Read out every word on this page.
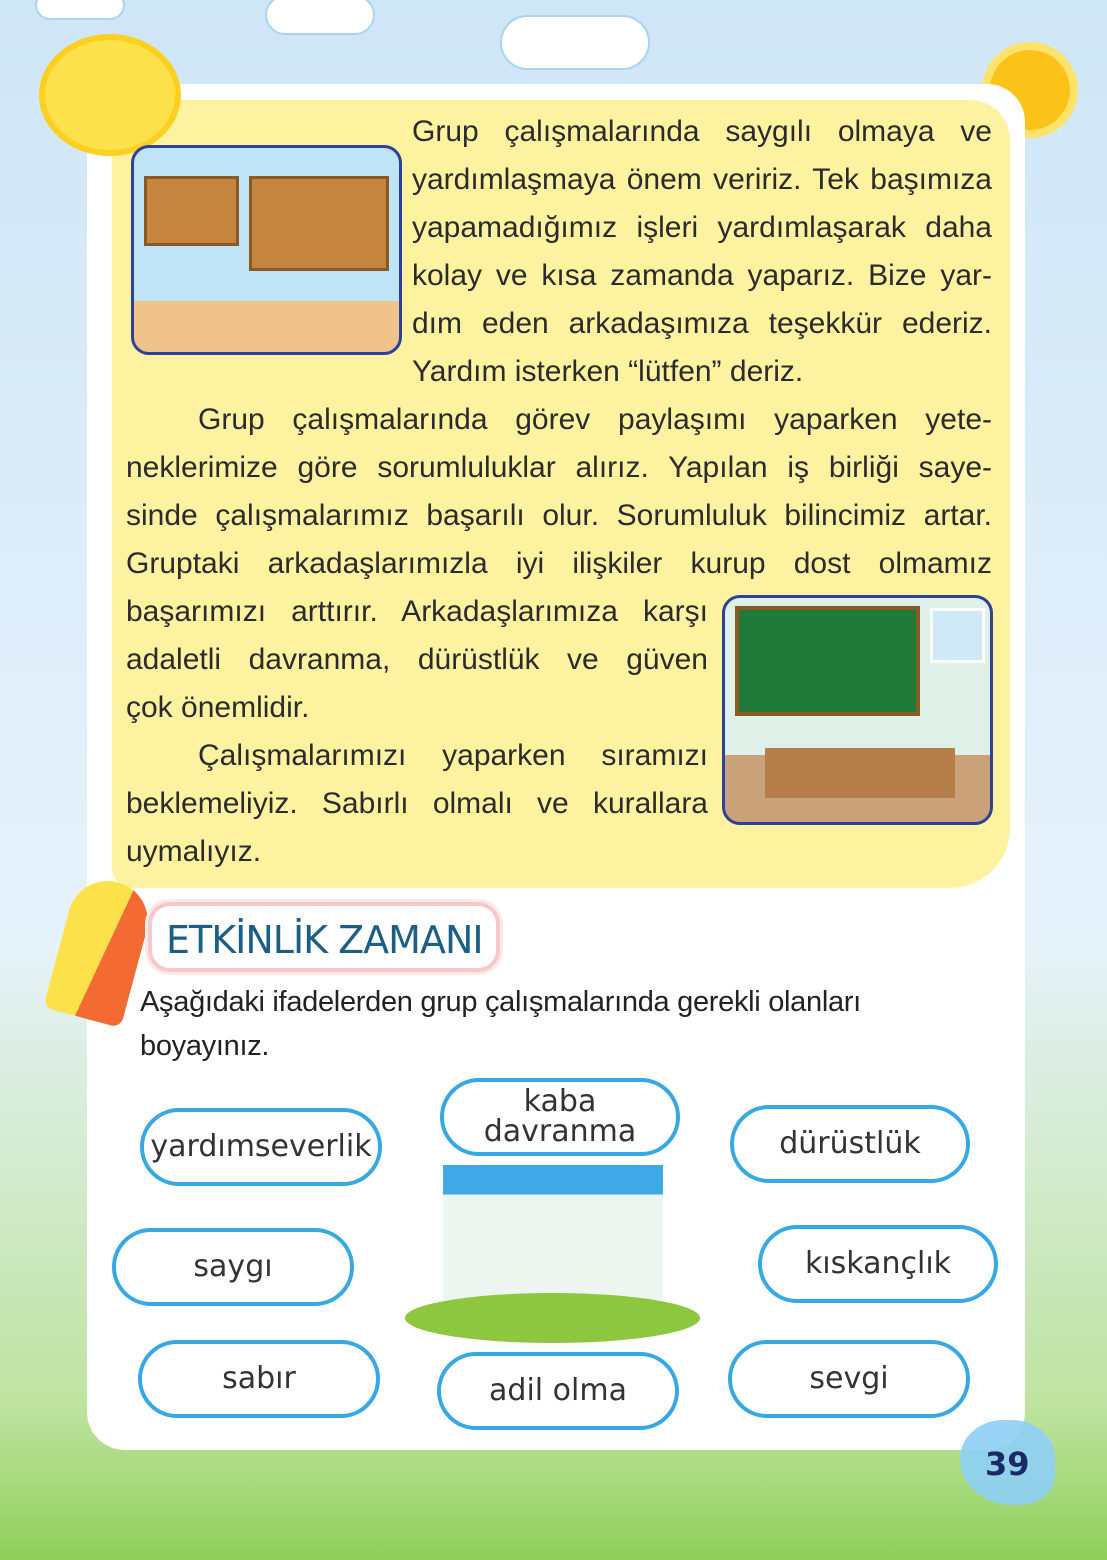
Grup çalışmalarında saygılı olmaya ve
yardımlaşmaya önem veririz. Tek başımıza
yapamadığımız işleri yardımlaşarak daha
kolay ve kısa zamanda yaparız. Bize yar-
dım eden arkadaşımıza teşekkür ederiz.
Yardım isterken “lütfen” deriz.
Grup çalışmalarında görev paylaşımı yaparken yete-
neklerimize göre sorumluluklar alırız. Yapılan iş birliği saye-
sinde çalışmalarımız başarılı olur. Sorumluluk bilincimiz artar.
Gruptaki arkadaşlarımızla iyi ilişkiler kurup dost olmamız
başarımızı arttırır. Arkadaşlarımıza karşı
adaletli davranma, dürüstlük ve güven
çok önemlidir.
Çalışmalarımızı yaparken sıramızı
beklemeliyiz. Sabırlı olmalı ve kurallara
uymalıyız.
ETKİNLİK ZAMANI
Aşağıdaki ifadelerden grup çalışmalarında gerekli olanları boyayınız.
kaba davranma
yardımseverlik	dürüstlük
saygı	kıskançlık
sabır	adil olma	sevgi
39
